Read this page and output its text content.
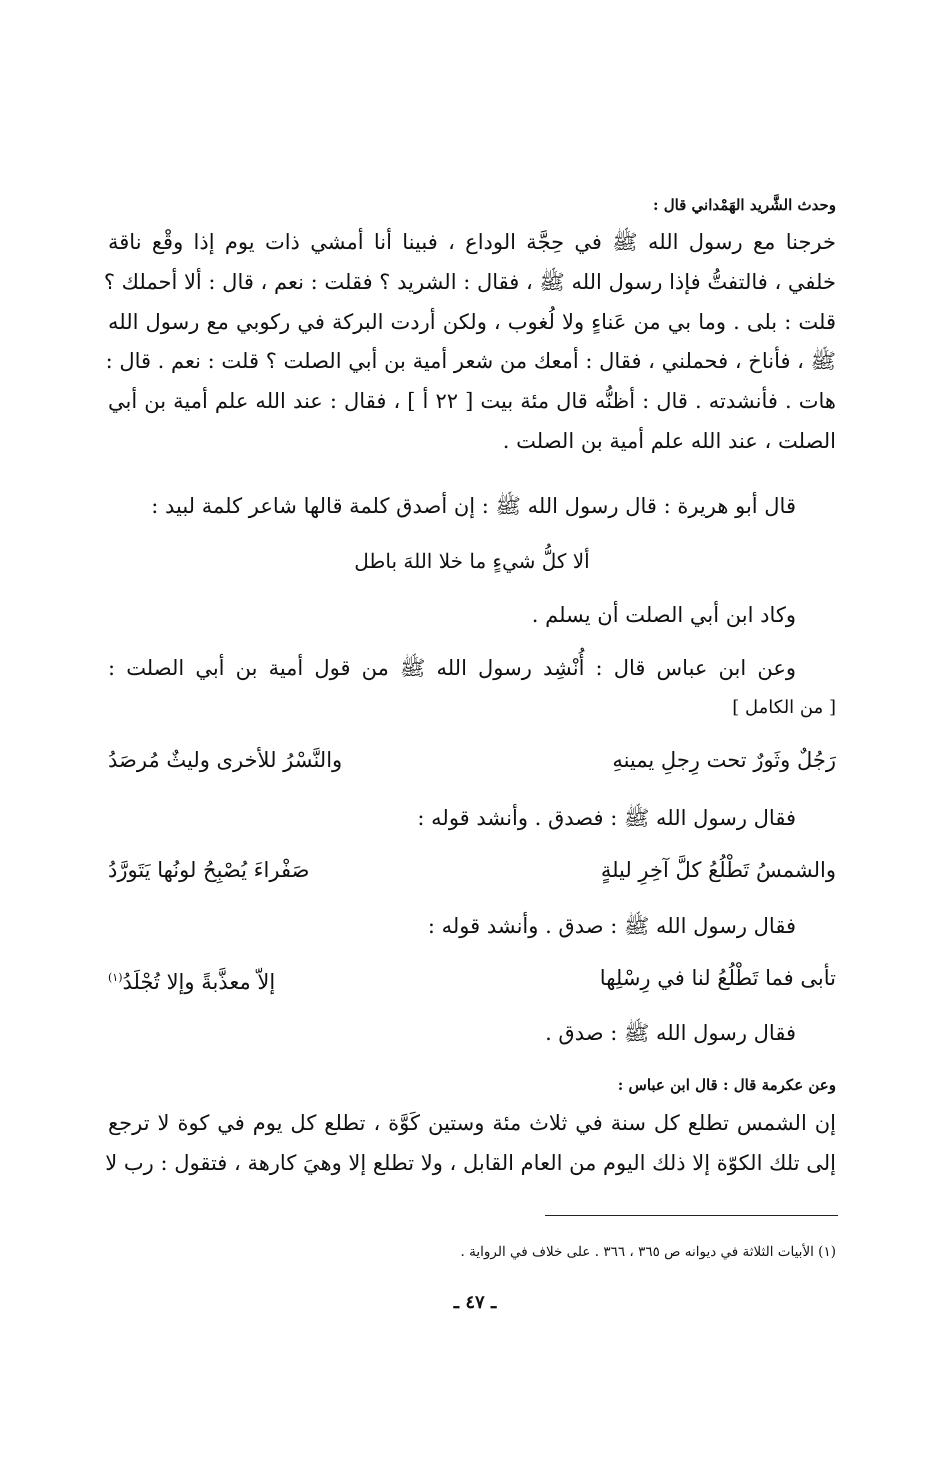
وحدث الشَّريد الهَمْداني قال :
خرجنا مع رسول الله ﷺ في حِجَّة الوداع ، فبينا أنا أمشي ذات يوم إذا وقْع ناقة
خلفي ، فالتفتُّ فإذا رسول الله ﷺ ، فقال : الشريد ؟ فقلت : نعم ، قال : ألا أحملك ؟
قلت : بلى . وما بي من عَناءٍ ولا لُغوب ، ولكن أردت البركة في ركوبي مع رسول الله
ﷺ ، فأناخ ، فحملني ، فقال : أمعك من شعر أمية بن أبي الصلت ؟ قلت : نعم . قال :
هات . فأنشدته . قال : أظنُّه قال مئة بيت [ ٢٢ أ ] ، فقال : عند الله علم أمية بن أبي
الصلت ، عند الله علم أمية بن الصلت .
قال أبو هريرة : قال رسول الله ﷺ : إن أصدق كلمة قالها شاعر كلمة لبيد :
ألا كلُّ شيءٍ ما خلا اللهَ باطل
وكاد ابن أبي الصلت أن يسلم .
وعن ابن عباس قال : أُنْشِد رسول الله ﷺ من قول أمية بن أبي الصلت :
[ من الكامل ]
رَجُلٌ وثَورٌ تحت رِجلِ يمينهِ
والنَّسْرُ للأخرى وليثٌ مُرصَدُ
فقال رسول الله ﷺ : فصدق . وأنشد قوله :
والشمسُ تَطْلُعُ كلَّ آخِرِ ليلةٍ
صَفْراءَ يُصْبِحُ لونُها يَتَورَّدُ
فقال رسول الله ﷺ : صدق . وأنشد قوله :
تأبى فما تَطْلُعُ لنا في رِسْلِها
إلاّ معذَّبةً وإلا تُجْلَدُ$^{(١)}$
فقال رسول الله ﷺ : صدق .
وعن عكرمة قال : قال ابن عباس :
إن الشمس تطلع كل سنة في ثلاث مئة وستين كَوَّة ، تطلع كل يوم في كوة لا ترجع
إلى تلك الكوّة إلا ذلك اليوم من العام القابل ، ولا تطلع إلا وهيَ كارهة ، فتقول : رب لا
(١) الأبيات الثلاثة في ديوانه ص ٣٦٥ ، ٣٦٦ . على خلاف في الرواية .
ـ ٤٧ ـ
